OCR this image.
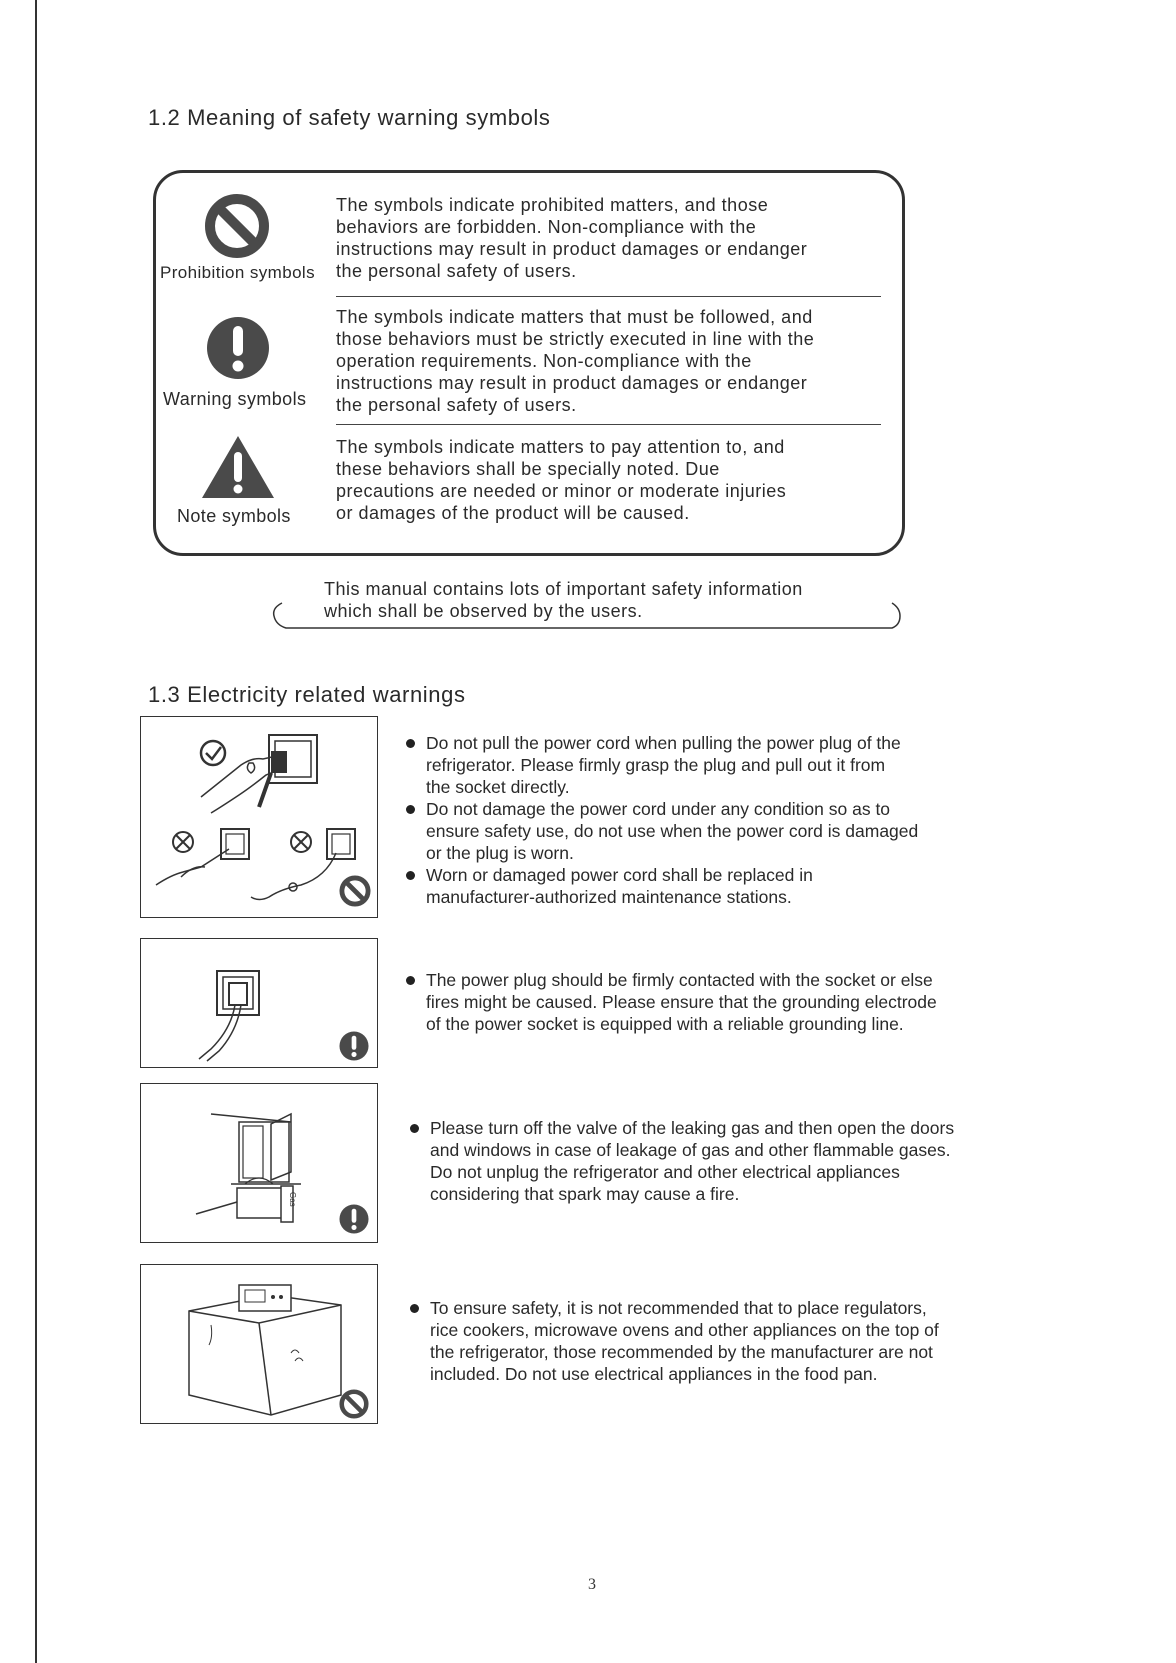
1.2 Meaning of safety warning symbols
Prohibition symbols

The symbols indicate prohibited matters, and those
behaviors are forbidden. Non-compliance with the
instructions may result in product damages or endanger
the personal safety of users.

Warning symbols

The symbols indicate matters that must be followed, and
those behaviors must be strictly executed in line with the
operation requirements. Non-compliance with the
instructions may result in product damages or endanger
the personal safety of users.

Note symbols

The symbols indicate matters to pay attention to, and
these behaviors shall be specially noted. Due
precautions are needed or minor or moderate injuries
or damages of the product will be caused.

This manual contains lots of important safety information
which shall be observed by the users.

1.3 Electricity related warnings
Do not pull the power cord when pulling the power plug of the
refrigerator. Please firmly grasp the plug and pull out it from
the socket directly.
Do not damage the power cord under any condition so as to
ensure safety use, do not use when the power cord is damaged
or the plug is worn.
Worn or damaged power cord shall be replaced in
manufacturer-authorized maintenance stations.
The power plug should be firmly contacted with the socket or else
fires might be caused. Please ensure that the grounding electrode
of the power socket is equipped with a reliable grounding line.
Gas
Please turn off the valve of the leaking gas and then open the doors
and windows in case of leakage of gas and other flammable gases.
Do not unplug the refrigerator and other electrical appliances
considering that spark may cause a fire.
To ensure safety, it is not recommended that to place regulators,
rice cookers, microwave ovens and other appliances on the top of
the refrigerator, those recommended by the manufacturer are not
included. Do not use electrical appliances in the food pan.
3
